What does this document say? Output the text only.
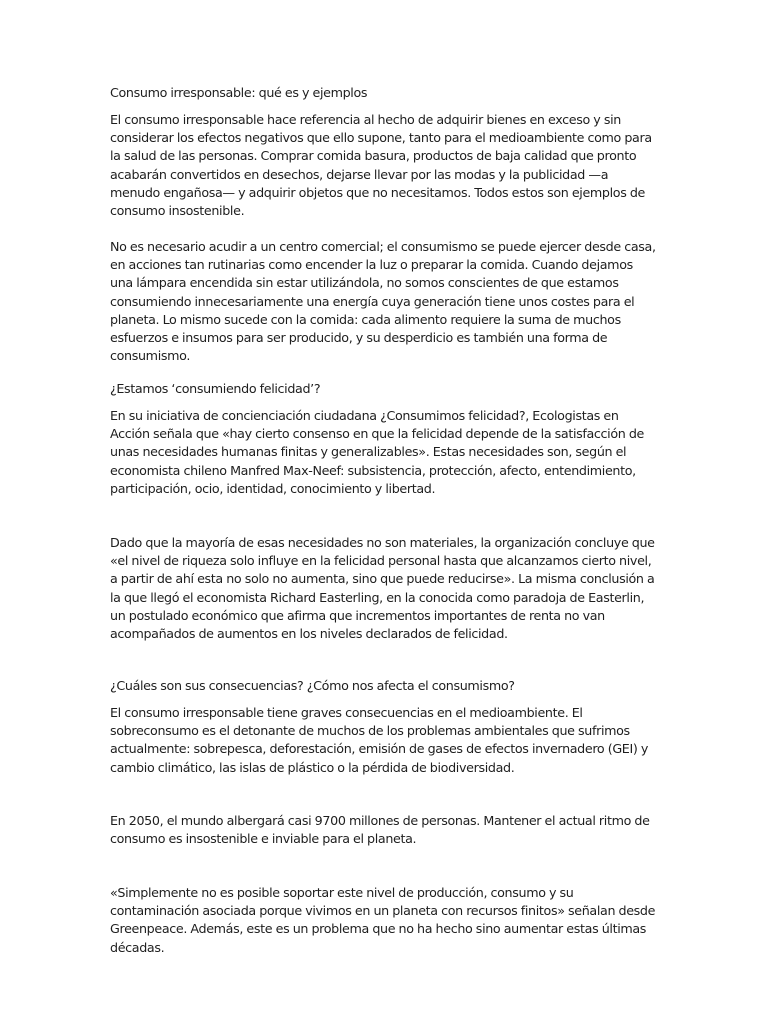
Consumo irresponsable: qué es y ejemplos

El consumo irresponsable hace referencia al hecho de adquirir bienes en exceso y sin considerar los efectos negativos que ello supone, tanto para el medioambiente como para la salud de las personas. Comprar comida basura, productos de baja calidad que pronto acabarán convertidos en desechos, dejarse llevar por las modas y la publicidad —a menudo engañosa— y adquirir objetos que no necesitamos. Todos estos son ejemplos de consumo insostenible.

No es necesario acudir a un centro comercial; el consumismo se puede ejercer desde casa, en acciones tan rutinarias como encender la luz o preparar la comida. Cuando dejamos una lámpara encendida sin estar utilizándola, no somos conscientes de que estamos consumiendo innecesariamente una energía cuya generación tiene unos costes para el planeta. Lo mismo sucede con la comida: cada alimento requiere la suma de muchos esfuerzos e insumos para ser producido, y su desperdicio es también una forma de consumismo.

¿Estamos ‘consumiendo felicidad’?

En su iniciativa de concienciación ciudadana ¿Consumimos felicidad?, Ecologistas en Acción señala que «hay cierto consenso en que la felicidad depende de la satisfacción de unas necesidades humanas finitas y generalizables». Estas necesidades son, según el economista chileno Manfred Max-Neef: subsistencia, protección, afecto, entendimiento, participación, ocio, identidad, conocimiento y libertad.

Dado que la mayoría de esas necesidades no son materiales, la organización concluye que «el nivel de riqueza solo influye en la felicidad personal hasta que alcanzamos cierto nivel, a partir de ahí esta no solo no aumenta, sino que puede reducirse». La misma conclusión a la que llegó el economista Richard Easterling, en la conocida como paradoja de Easterlin, un postulado económico que afirma que incrementos importantes de renta no van acompañados de aumentos en los niveles declarados de felicidad.

¿Cuáles son sus consecuencias? ¿Cómo nos afecta el consumismo?

El consumo irresponsable tiene graves consecuencias en el medioambiente. El sobreconsumo es el detonante de muchos de los problemas ambientales que sufrimos actualmente: sobrepesca, deforestación, emisión de gases de efectos invernadero (GEI) y cambio climático, las islas de plástico o la pérdida de biodiversidad.

En 2050, el mundo albergará casi 9700 millones de personas. Mantener el actual ritmo de consumo es insostenible e inviable para el planeta.

«Simplemente no es posible soportar este nivel de producción, consumo y su contaminación asociada porque vivimos en un planeta con recursos finitos» señalan desde Greenpeace. Además, este es un problema que no ha hecho sino aumentar estas últimas décadas.
